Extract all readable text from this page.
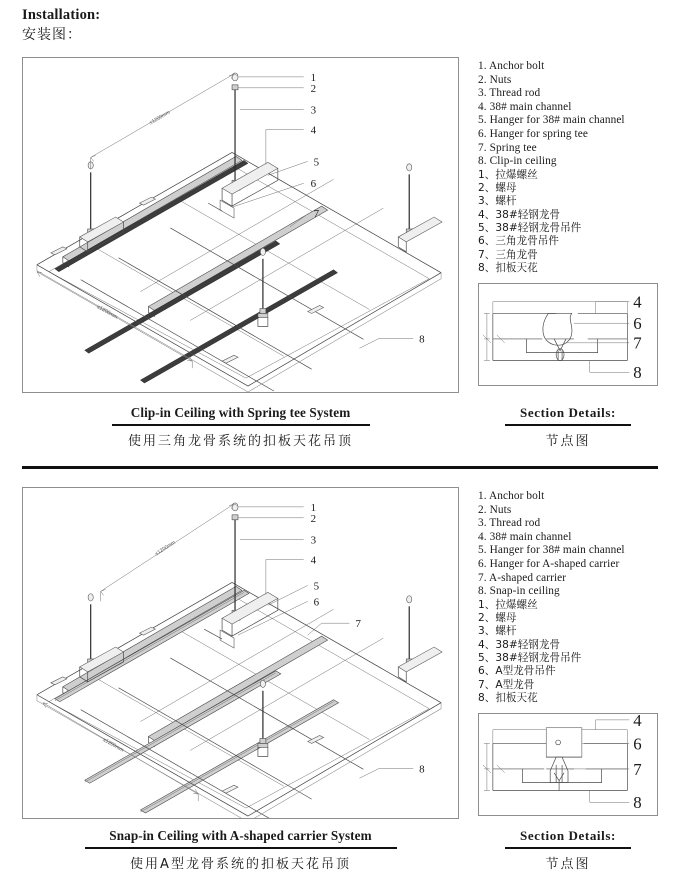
Installation:
安装图：
≤1200mm
≤1200mm
1
2
3
4
5
6
7
8
1. Anchor bolt
2. Nuts
3. Thread rod
4. 38# main channel
5. Hanger for 38# main channel
6. Hanger for spring tee
7. Spring tee
8. Clip-in ceiling
1、拉爆螺丝
2、螺母
3、螺杆
4、38#轻钢龙骨
5、38#轻钢龙骨吊件
6、三角龙骨吊件
7、三角龙骨
8、扣板天花
4
6
7
8
Clip-in Ceiling with Spring tee System
使用三角龙骨系统的扣板天花吊顶
Section Details:
节点图
≤1200mm
≤1200mm
1
2
3
4
5
6
7
8
1. Anchor bolt
2. Nuts
3. Thread rod
4. 38# main channel
5. Hanger for 38# main channel
6. Hanger for A-shaped carrier
7. A-shaped carrier
8. Snap-in ceiling
1、拉爆螺丝
2、螺母
3、螺杆
4、38#轻钢龙骨
5、38#轻钢龙骨吊件
6、A型龙骨吊件
7、A型龙骨
8、扣板天花
4
6
7
8
Snap-in Ceiling with A-shaped carrier System
使用A型龙骨系统的扣板天花吊顶
Section Details:
节点图
